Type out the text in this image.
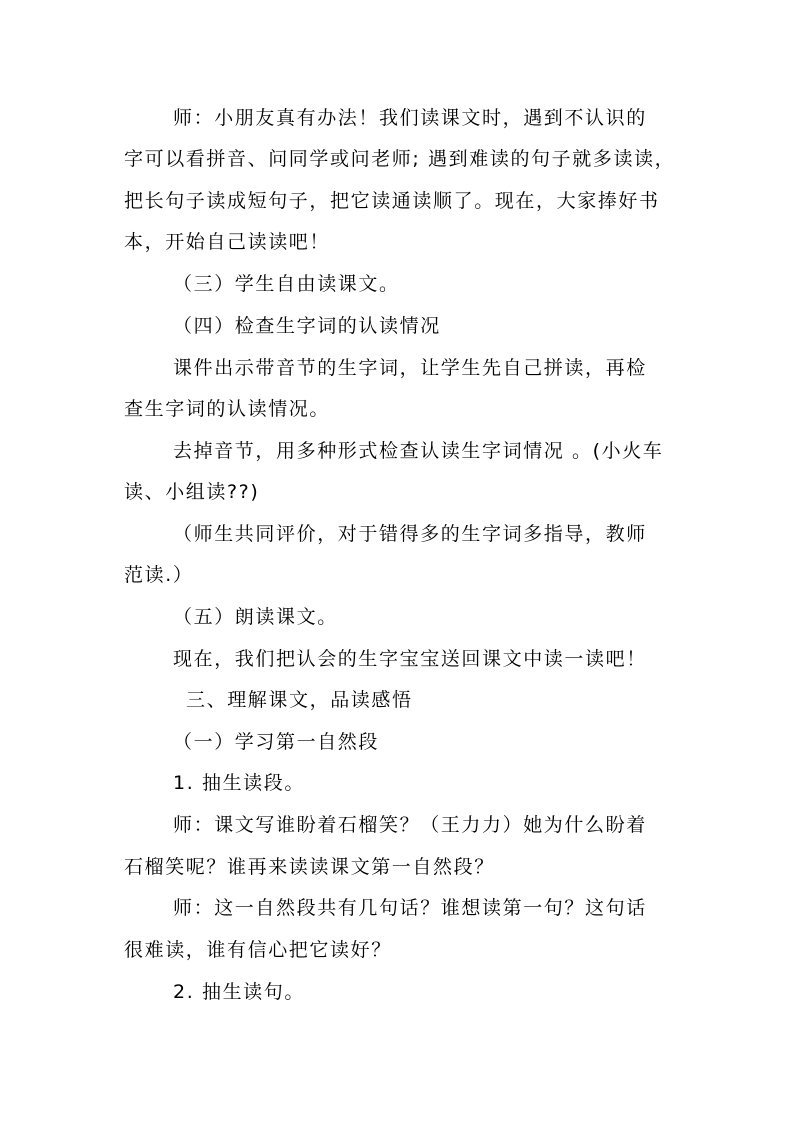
师：小朋友真有办法！我们读课文时，遇到不认识的
字可以看拼音、问同学或问老师; 遇到难读的句子就多读读，
把长句子读成短句子，把它读通读顺了。现在，大家捧好书
本，开始自己读读吧！
（三）学生自由读课文。
（四）检查生字词的认读情况
课件出示带音节的生字词，让学生先自己拼读，再检
查生字词的认读情况。
去掉音节，用多种形式检查认读生字词情况 。(小火车
读、小组读??)
（师生共同评价，对于错得多的生字词多指导，教师
范读.）
（五）朗读课文。
现在，我们把认会的生字宝宝送回课文中读一读吧！
三、理解课文，品读感悟
（一）学习第一自然段
1. 抽生读段。
师：课文写谁盼着石榴笑？（王力力）她为什么盼着
石榴笑呢？谁再来读读课文第一自然段？
师：这一自然段共有几句话？谁想读第一句？这句话
很难读，谁有信心把它读好？
2. 抽生读句。
